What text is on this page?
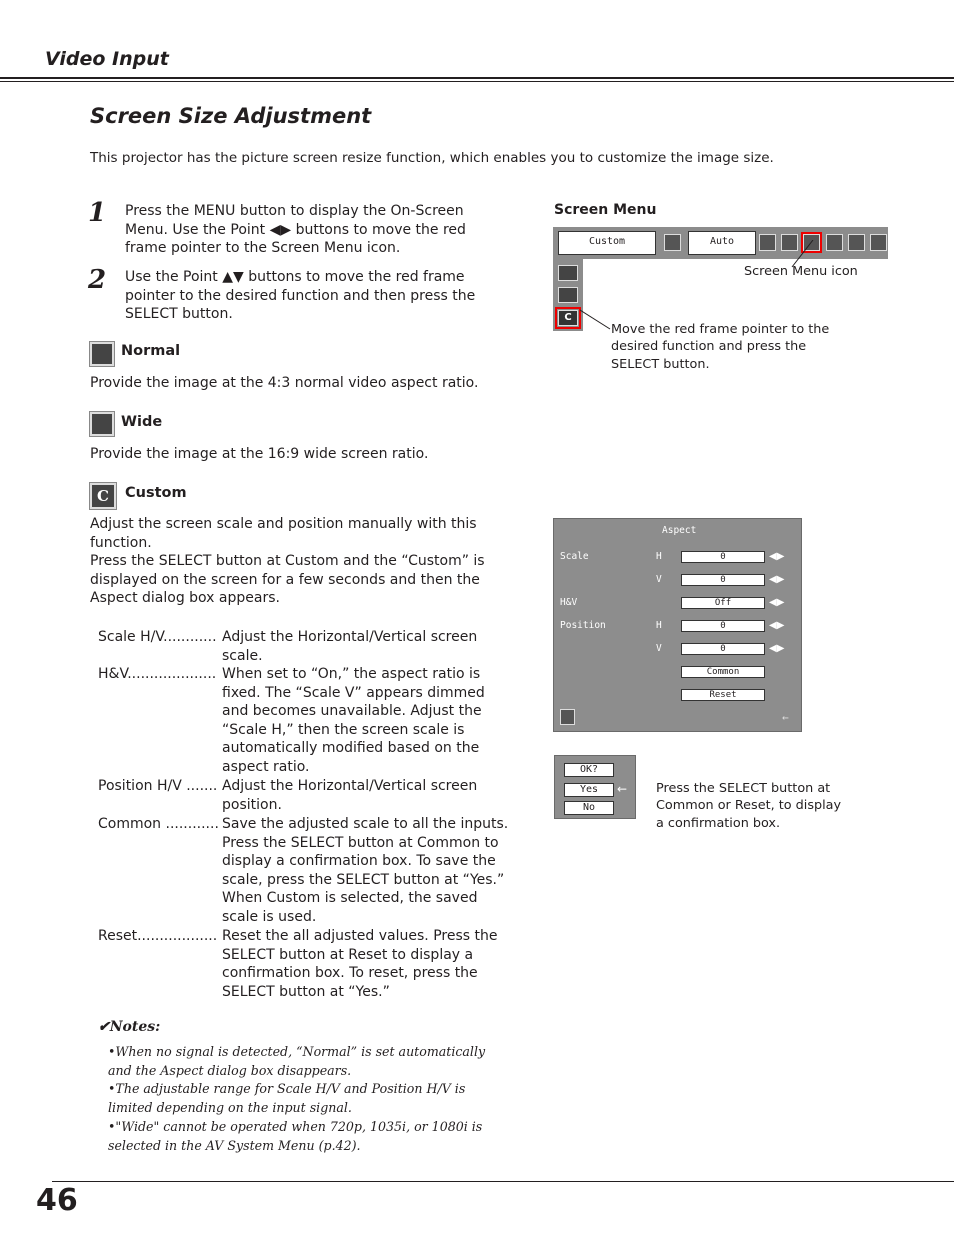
Video Input
Screen Size Adjustment
This projector has the picture screen resize function, which enables you to customize the image size.
1 Press the MENU button to display the On-Screen Menu. Use the Point ◀▶ buttons to move the red frame pointer to the Screen Menu icon.
2 Use the Point ▲▼ buttons to move the red frame pointer to the desired function and then press the SELECT button.
Normal
Provide the image at the 4:3 normal video aspect ratio.
Wide
Provide the image at the 16:9 wide screen ratio.
C	Custom
Adjust the screen scale and position manually with this function.
Press the SELECT button at Custom and the “Custom” is displayed on the screen for a few seconds and then the Aspect dialog box appears.
Scale H/V............ Adjust the Horizontal/Vertical screen scale.
H&V.................... When set to “On,” the aspect ratio is fixed. The “Scale V” appears dimmed and becomes unavailable. Adjust the “Scale H,” then the screen scale is automatically modified based on the aspect ratio.
Position H/V ....... Adjust the Horizontal/Vertical screen position.
Common ............ Save the adjusted scale to all the inputs. Press the SELECT button at Common to display a confirmation box. To save the scale, press the SELECT button at “Yes.” When Custom is selected, the saved scale is used.
Reset.................. Reset the all adjusted values. Press the SELECT button at Reset to display a confirmation box. To reset, press the SELECT button at “Yes.”
✔Notes:
•When no signal is detected, “Normal” is set automatically and the Aspect dialog box disappears.
•The adjustable range for Scale H/V and Position H/V is limited depending on the input signal.
•"Wide" cannot be operated when 720p, 1035i, or 1080i is selected in the AV System Menu (p.42).
Screen Menu
Custom	Auto
C
Screen Menu icon
Move the red frame pointer to the desired function and press the SELECT button.
Aspect
Scale	H	0	◀▶
V	0	◀▶
H&V	Off	◀▶
Position	H	0	◀▶
V	0	◀▶
Common
Reset
←
OK?
Yes
No
← Press the SELECT button at Common or Reset, to display a confirmation box.
46
